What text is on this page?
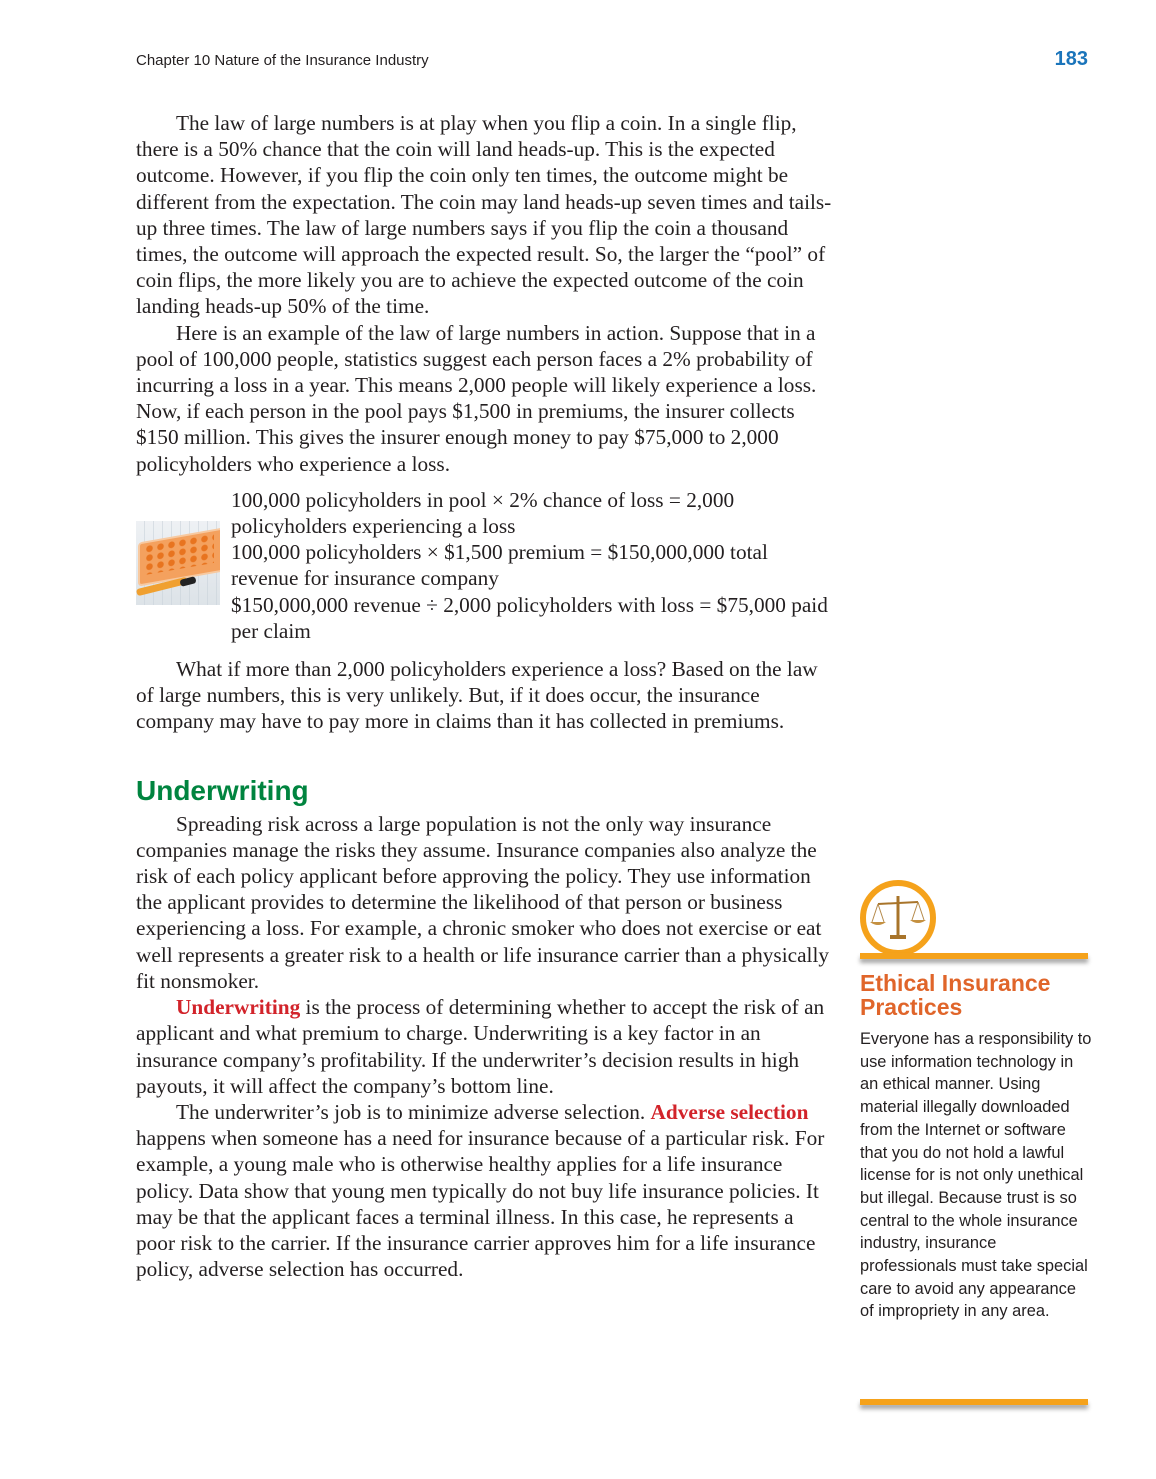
Chapter 10 Nature of the Insurance Industry	183

The law of large numbers is at play when you flip a coin. In a single flip, there is a 50% chance that the coin will land heads-up. This is the expected outcome. However, if you flip the coin only ten times, the outcome might be different from the expectation. The coin may land heads-up seven times and tails-up three times. The law of large numbers says if you flip the coin a thousand times, the outcome will approach the expected result. So, the larger the “pool” of coin flips, the more likely you are to achieve the expected outcome of the coin landing heads-up 50% of the time.

Here is an example of the law of large numbers in action. Suppose that in a pool of 100,000 people, statistics suggest each person faces a 2% probability of incurring a loss in a year. This means 2,000 people will likely experience a loss. Now, if each person in the pool pays $1,500 in premiums, the insurer collects $150 million. This gives the insurer enough money to pay $75,000 to 2,000 policyholders who experience a loss.

100,000 policyholders in pool × 2% chance of loss = 2,000 policyholders experiencing a loss
100,000 policyholders × $1,500 premium = $150,000,000 total revenue for insurance company
$150,000,000 revenue ÷ 2,000 policyholders with loss = $75,000 paid per claim

What if more than 2,000 policyholders experience a loss? Based on the law of large numbers, this is very unlikely. But, if it does occur, the insurance company may have to pay more in claims than it has collected in premiums.

Underwriting

Spreading risk across a large population is not the only way insurance companies manage the risks they assume. Insurance companies also analyze the risk of each policy applicant before approving the policy. They use information the applicant provides to determine the likelihood of that person or business experiencing a loss. For example, a chronic smoker who does not exercise or eat well represents a greater risk to a health or life insurance carrier than a physically fit nonsmoker.

Underwriting is the process of determining whether to accept the risk of an applicant and what premium to charge. Underwriting is a key factor in an insurance company’s profitability. If the underwriter’s decision results in high payouts, it will affect the company’s bottom line.

The underwriter’s job is to minimize adverse selection. Adverse selection happens when someone has a need for insurance because of a particular risk. For example, a young male who is otherwise healthy applies for a life insurance policy. Data show that young men typically do not buy life insurance policies. It may be that the applicant faces a terminal illness. In this case, he represents a poor risk to the carrier. If the insurance carrier approves him for a life insurance policy, adverse selection has occurred.

Ethical Insurance Practices
Everyone has a responsibility to use information technology in an ethical manner. Using material illegally downloaded from the Internet or software that you do not hold a lawful license for is not only unethical but illegal. Because trust is so central to the whole insurance industry, insurance professionals must take special care to avoid any appearance of impropriety in any area.
